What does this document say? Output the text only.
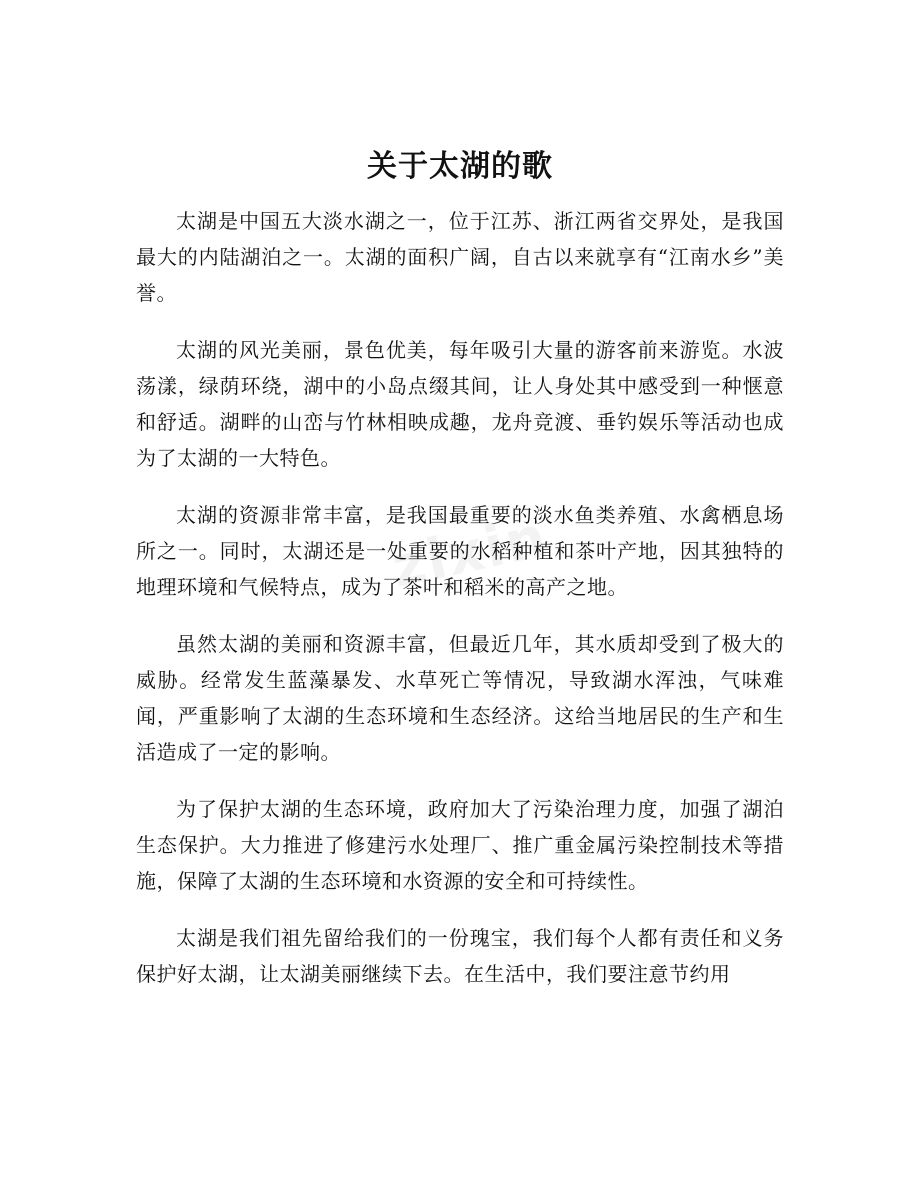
关于太湖的歌

太湖是中国五大淡水湖之一，位于江苏、浙江两省交界处，是我国最大的内陆湖泊之一。太湖的面积广阔，自古以来就享有“江南水乡”美誉。

太湖的风光美丽，景色优美，每年吸引大量的游客前来游览。水波荡漾，绿荫环绕，湖中的小岛点缀其间，让人身处其中感受到一种惬意和舒适。湖畔的山峦与竹林相映成趣，龙舟竞渡、垂钓娱乐等活动也成为了太湖的一大特色。

太湖的资源非常丰富，是我国最重要的淡水鱼类养殖、水禽栖息场所之一。同时，太湖还是一处重要的水稻种植和茶叶产地，因其独特的地理环境和气候特点，成为了茶叶和稻米的高产之地。

虽然太湖的美丽和资源丰富，但最近几年，其水质却受到了极大的威胁。经常发生蓝藻暴发、水草死亡等情况，导致湖水浑浊，气味难闻，严重影响了太湖的生态环境和生态经济。这给当地居民的生产和生活造成了一定的影响。

为了保护太湖的生态环境，政府加大了污染治理力度，加强了湖泊生态保护。大力推进了修建污水处理厂、推广重金属污染控制技术等措施，保障了太湖的生态环境和水资源的安全和可持续性。

太湖是我们祖先留给我们的一份瑰宝，我们每个人都有责任和义务保护好太湖，让太湖美丽继续下去。在生活中，我们要注意节约用
